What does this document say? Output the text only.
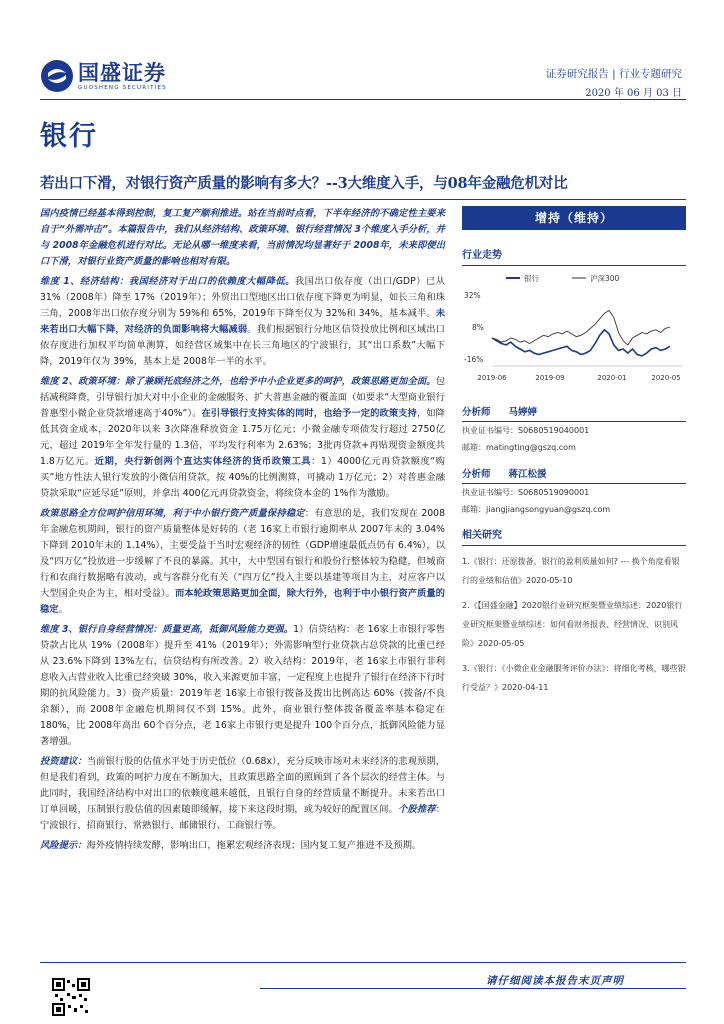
国盛证券
GUOSHENG SECURITIES
证券研究报告 | 行业专题研究
2020 年 06 月 03 日
银行
若出口下滑，对银行资产质量的影响有多大？--3大维度入手，与08年金融危机对比

国内疫情已经基本得到控制，复工复产顺利推进。站在当前时点看，下半年经济的不确定性主要来自于“外需冲击”。本篇报告中，我们从经济结构、政策环境、银行经营情况 3个维度入手分析，并与 2008年金融危机进行对比。无论从哪一维度来看，当前情况均显著好于 2008年，未来即便出口下滑，对银行业资产质量的影响也相对有限。

维度 1、经济结构：我国经济对于出口的依赖度大幅降低。我国出口依存度（出口/GDP）已从 31%（2008年）降至 17%（2019年）；外贸出口型地区出口依存度下降更为明显，如长三角和珠三角，2008年出口依存度分别为 59%和 65%，2019年下降至仅为 32%和 34%，基本减半。未来若出口大幅下降，对经济的负面影响将大幅减弱。我们根据银行分地区信贷投放比例和区域出口依存度进行加权平均简单测算，如经营区域集中在长三角地区的宁波银行，其“出口系数”大幅下降，2019年仅为 39%，基本上是 2008年一半的水平。

维度 2、政策环境：除了兼顾托底经济之外，也给予中小企业更多的呵护，政策思路更加全面。包括减税降费，引导银行加大对中小企业的金融服务、扩大普惠金融的覆盖面（如要求“大型商业银行普惠型小微企业贷款增速高于40%”）。在引导银行支持实体的同时，也给予一定的政策支持，如降低其资金成本，2020年以来 3次降准释放资金 1.75万亿元；小微金融专项债发行超过 2750亿元，超过 2019年全年发行量的 1.3倍，平均发行利率为 2.63%；3批再贷款+再贴现资金额度共 1.8万亿元。近期，央行新创两个直达实体经济的货币政策工具：1）4000亿元再贷款额度“购买”地方性法人银行发放的小微信用贷款，按 40%的比例测算，可撬动 1万亿元；2）对普惠金融贷款采取“应延尽延”原则，并拿出 400亿元再贷款资金，将续贷本金的 1%作为激励。

政策思路全方位呵护信用环境，利于中小银行资产质量保持稳定：有意思的是，我们发现在 2008年金融危机期间，银行的资产质量整体是好转的（老 16家上市银行逾期率从 2007年末的 3.04%下降到 2010年末的 1.14%），主要受益于当时宏观经济的韧性（GDP增速最低点仍有 6.4%），以及“四万亿”投放进一步缓解了不良的暴露。其中，大中型国有银行和股份行整体较为稳健，但城商行和农商行数据略有波动，或与客群分化有关（“四万亿”投入主要以基建等项目为主，对应客户以大型国企央企为主，相对受益）。而本轮政策思路更加全面，除大行外，也利于中小银行资产质量的稳定。

维度 3、银行自身经营情况：质量更高，抵御风险能力更强。1）信贷结构：老 16家上市银行零售贷款占比从 19%（2008年）提升至 41%（2019年）；外需影响型行业贷款占总贷款的比重已经从 23.6%下降到 13%左右，信贷结构有所改善。2）收入结构：2019年，老 16家上市银行非利息收入占营业收入比重已经突破 30%，收入来源更加丰富，一定程度上也提升了银行在经济下行时期的抗风险能力。3）资产质量：2019年老 16家上市银行拨备及拨出比例高达 60%（拨备/不良余额），而 2008年金融危机期间仅不到 15%。此外，商业银行整体拨备覆盖率基本稳定在 180%，比 2008年高出 60个百分点，老 16家上市银行更是提升 100个百分点，抵御风险能力显著增强。

投资建议：当前银行股的估值水平处于历史低位（0.68x），充分反映市场对未来经济的悲观预期，但是我们看到，政策的呵护力度在不断加大，且政策思路全面的照顾到了各个层次的经营主体。与此同时，我国经济结构中对出口的依赖度越来越低，且银行自身的经营质量不断提升。未来若出口订单回暖，压制银行股估值的因素随即缓解，接下来这段时期，或为较好的配置区间。个股推荐：宁波银行、招商银行、常熟银行、邮储银行、工商银行等。

风险提示：海外疫情持续发酵，影响出口，拖累宏观经济表现；国内复工复产推进不及预期。

增持（维持）
行业走势
银行	沪深300
32%
8%
-16%
2019-06	2019-09	2020-01	2020-05
分析师 马婷婷
执业证书编号：S0680519040001
邮箱：matingting@gszq.com
分析师 蒋江松援
执业证书编号：S0680519090001
邮箱：jiangjiangsongyuan@gszq.com
相关研究
1.《银行：还原拨备，银行的盈利质量如何? --- 换个角度看银行的业绩和估值》2020-05-10
2.《【国盛金融】2020银行业研究框架暨业绩综述：2020银行业研究框架暨业绩综述：如何看财务报表、经营情况、识别风险》2020-05-05
3.《银行：《小微企业金融服务评价办法》：将细化考核，哪些银行受益？》2020-04-11
请仔细阅读本报告末页声明
